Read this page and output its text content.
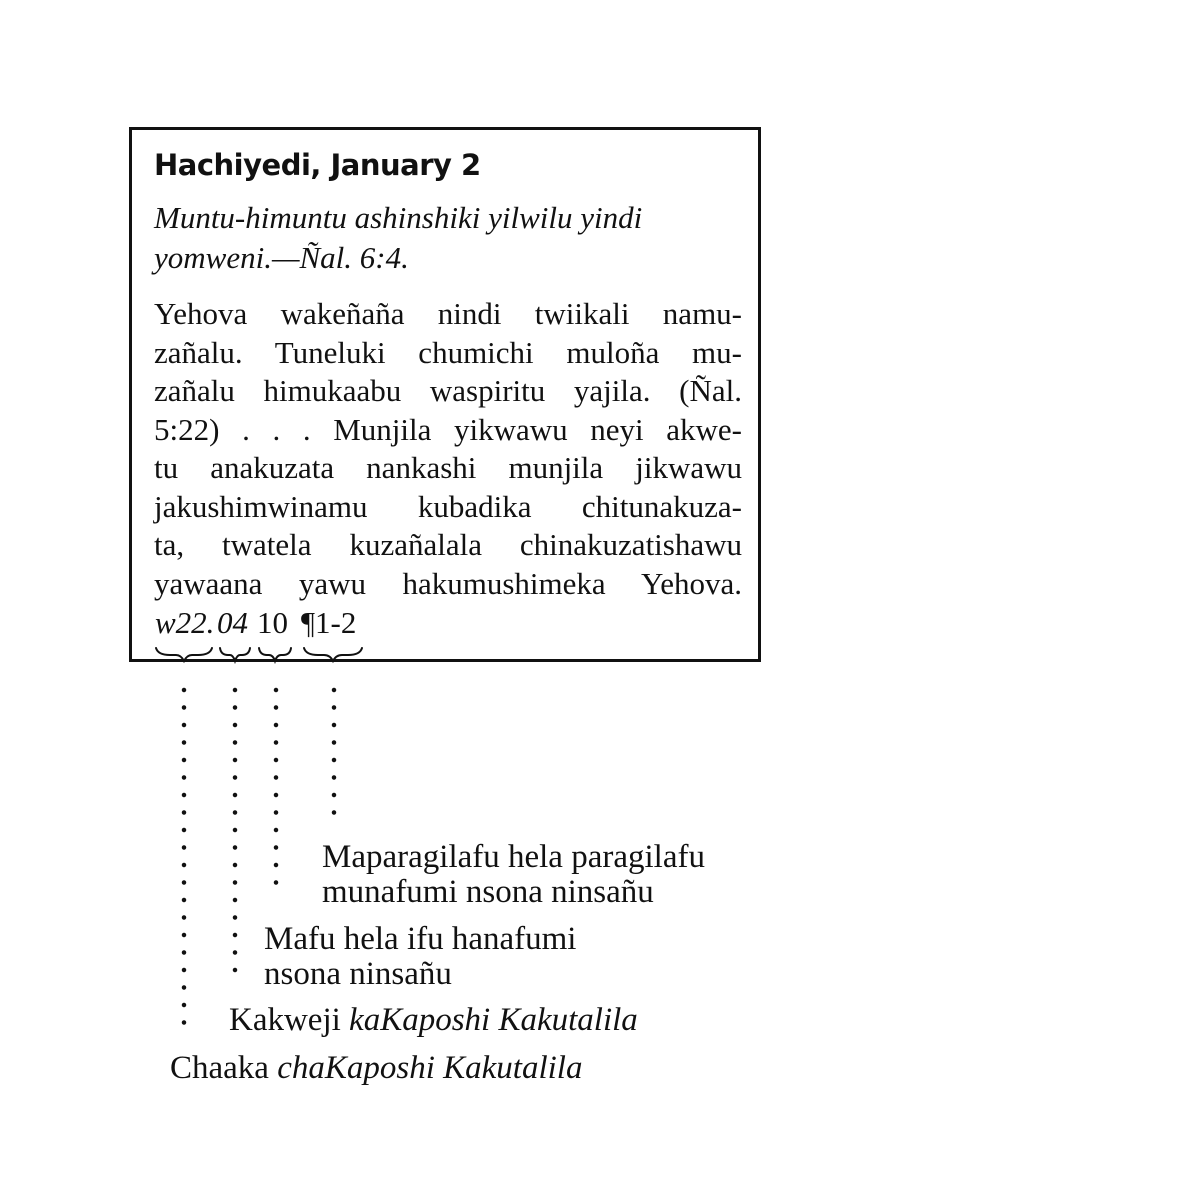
Hachiyedi, January 2
Muntu-himuntu ashinshiki yilwilu yindi
yomweni.—Ñal. 6:4.
Yehova wakeñaña nindi twiikali namu-
zañalu. Tuneluki chumichi muloña mu-
zañalu himukaabu waspiritu yajila. (Ñal.
5:22) . . . Munjila yikwawu neyi akwe-
tu anakuzata nankashi munjila jikwawu
jakushimwinamu kubadika chitunakuza-
ta, twatela kuzañalala chinakuzatishawu
yawaana yawu hakumushimeka Yehova.
w22. 04 10 ¶1-2
Maparagilafu hela paragilafu
munafumi nsona ninsañu
Mafu hela ifu hanafumi
nsona ninsañu
Kakweji kaKaposhi Kakutalila
Chaaka chaKaposhi Kakutalila
